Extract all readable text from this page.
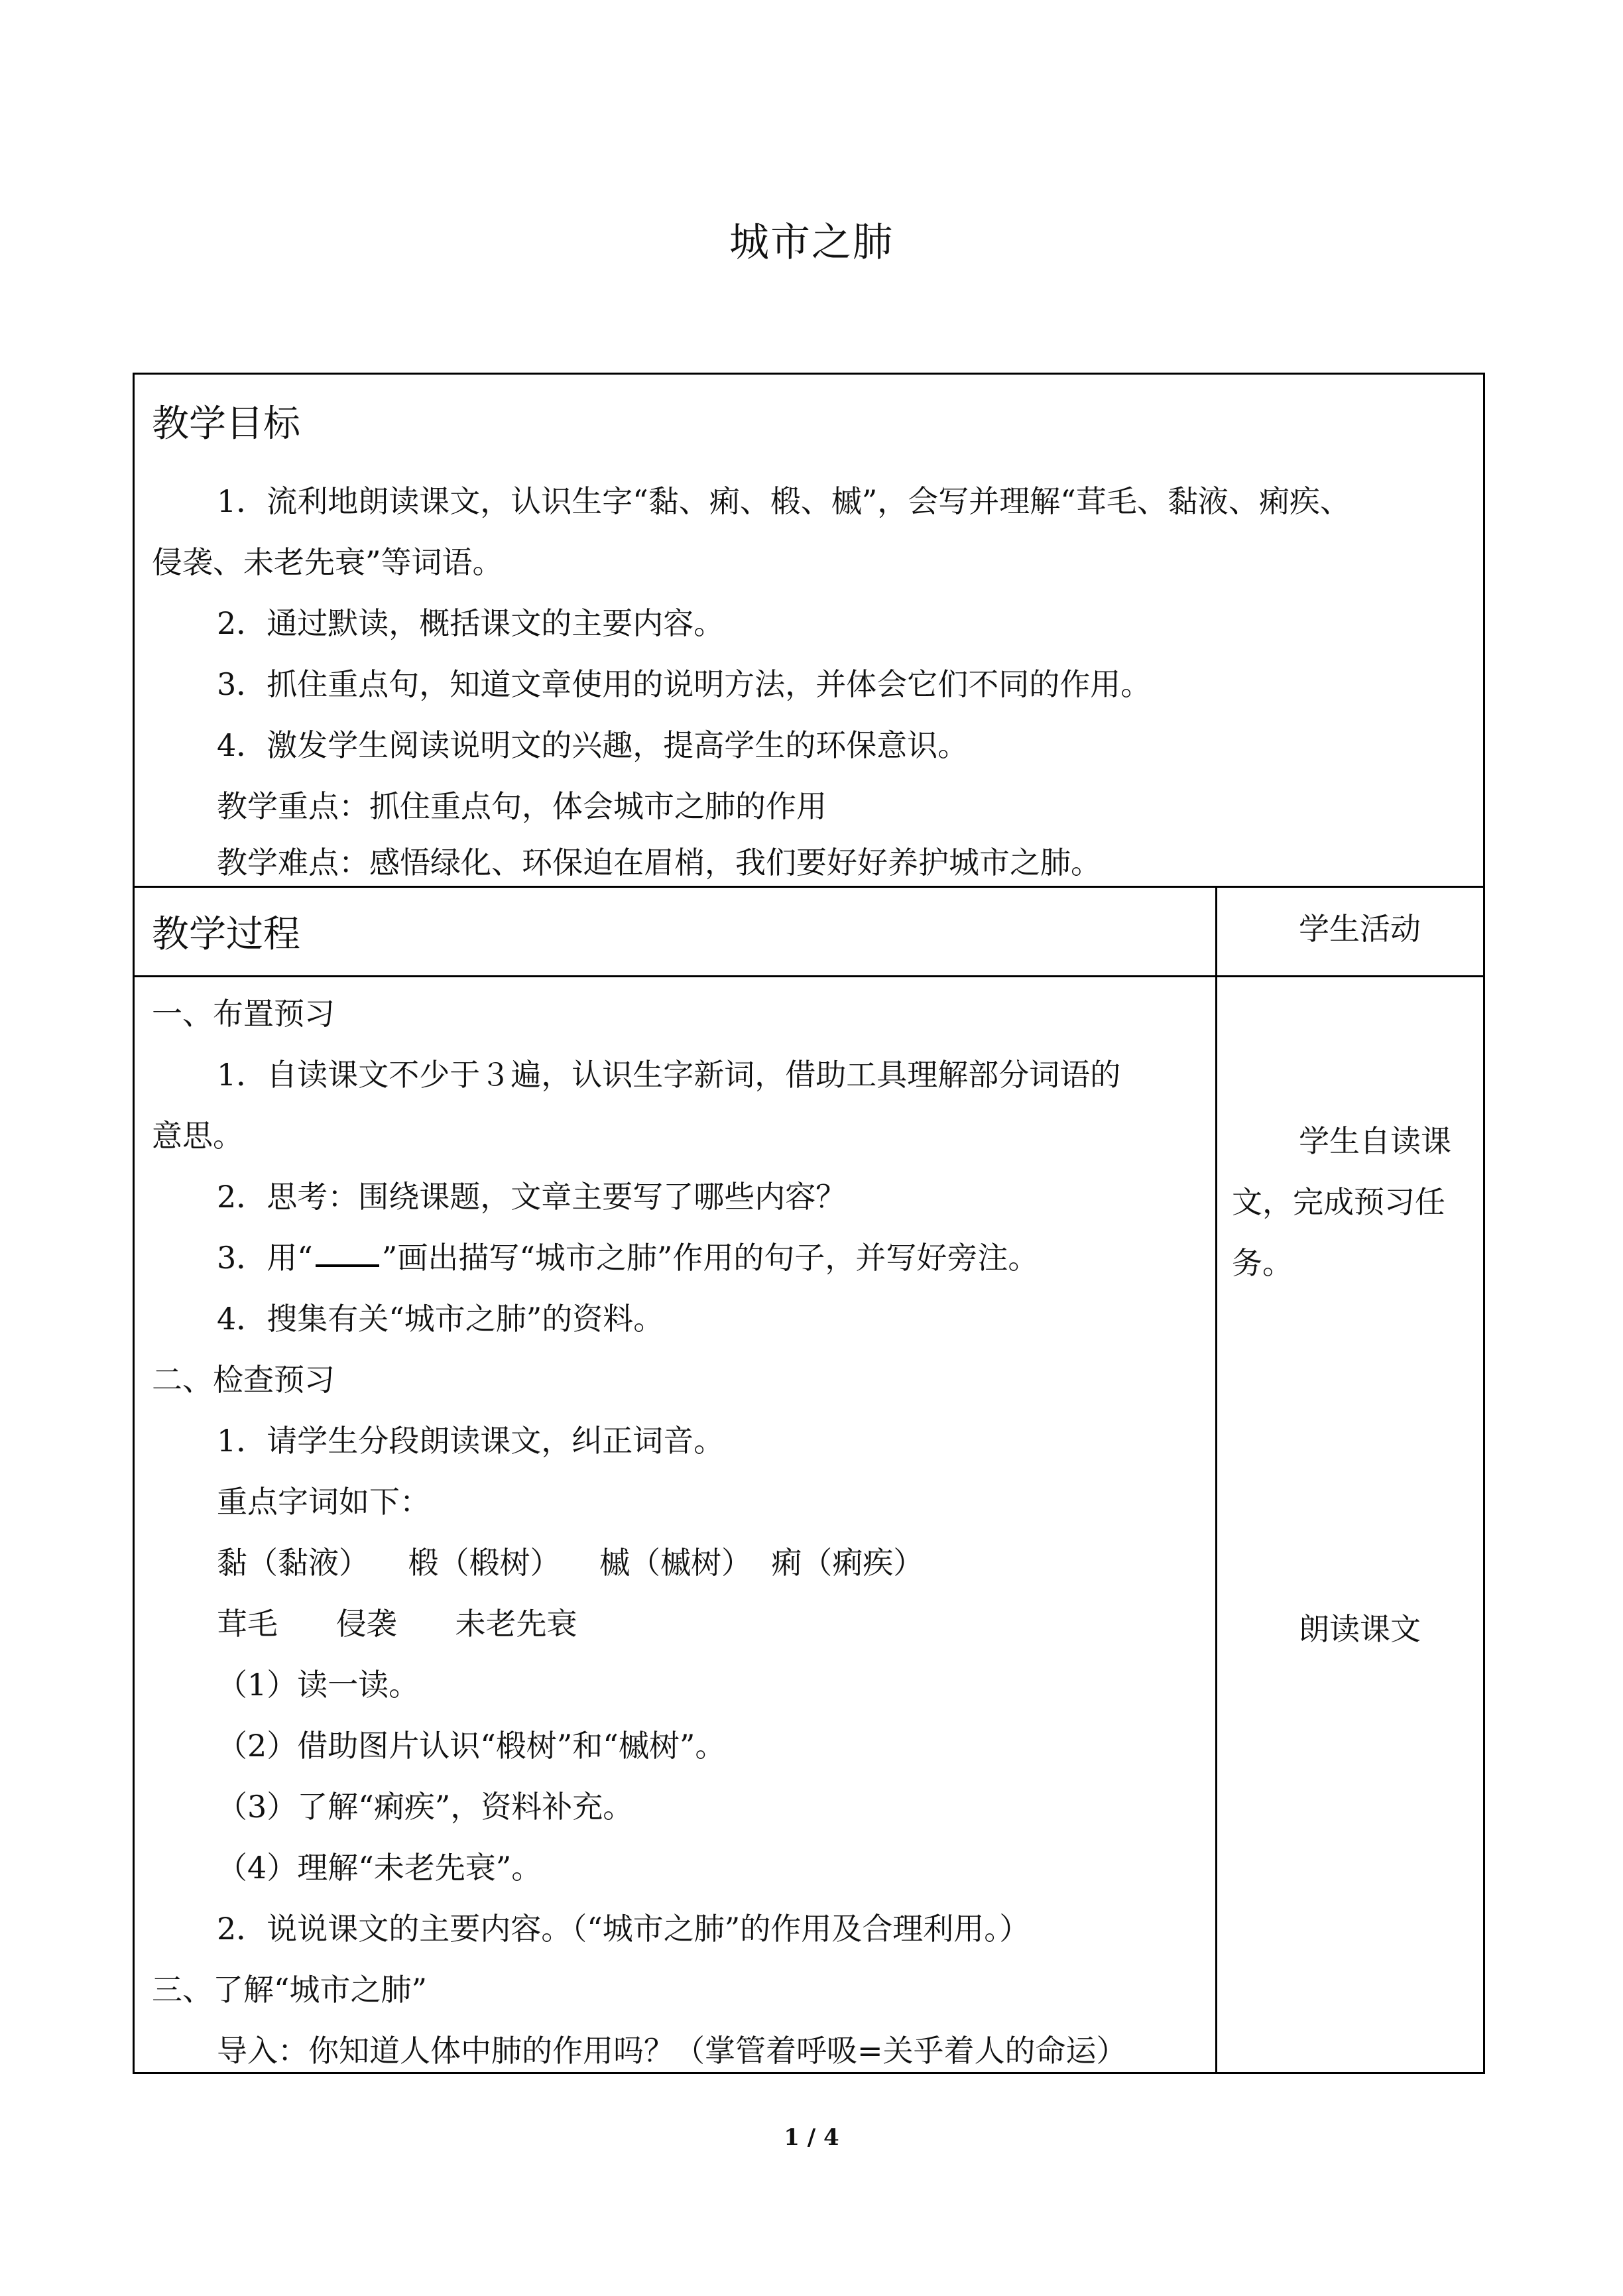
城市之肺
教学目标
1．流利地朗读课文，认识生字“黏、痢、椴、槭”，会写并理解“茸毛、黏液、痢疾、
侵袭、未老先衰”等词语。
2．通过默读，概括课文的主要内容。
3．抓住重点句，知道文章使用的说明方法，并体会它们不同的作用。
4．激发学生阅读说明文的兴趣，提高学生的环保意识。
教学重点：抓住重点句，体会城市之肺的作用
教学难点：感悟绿化、环保迫在眉梢，我们要好好养护城市之肺。
教学过程	学生活动
一、布置预习
1．自读课文不少于３遍，认识生字新词，借助工具理解部分词语的
意思。
2．思考：围绕课题，文章主要写了哪些内容？
3．用“ ”画出描写“城市之肺”作用的句子，并写好旁注。
4．搜集有关“城市之肺”的资料。
二、检查预习
1．请学生分段朗读课文，纠正词音。
重点字词如下：
黏（黏液）    椴（椴树）    槭（槭树）  痢（痢疾）
茸毛      侵袭      未老先衰
（1）读一读。
（2）借助图片认识“椴树”和“槭树”。
（3）了解“痢疾”，资料补充。
（4）理解“未老先衰”。
2．说说课文的主要内容。（“城市之肺”的作用及合理利用。）
三、了解“城市之肺”
导入：你知道人体中肺的作用吗？（掌管着呼吸=关乎着人的命运）
学生自读课
文，完成预习任
务。
朗读课文
1 / 4
